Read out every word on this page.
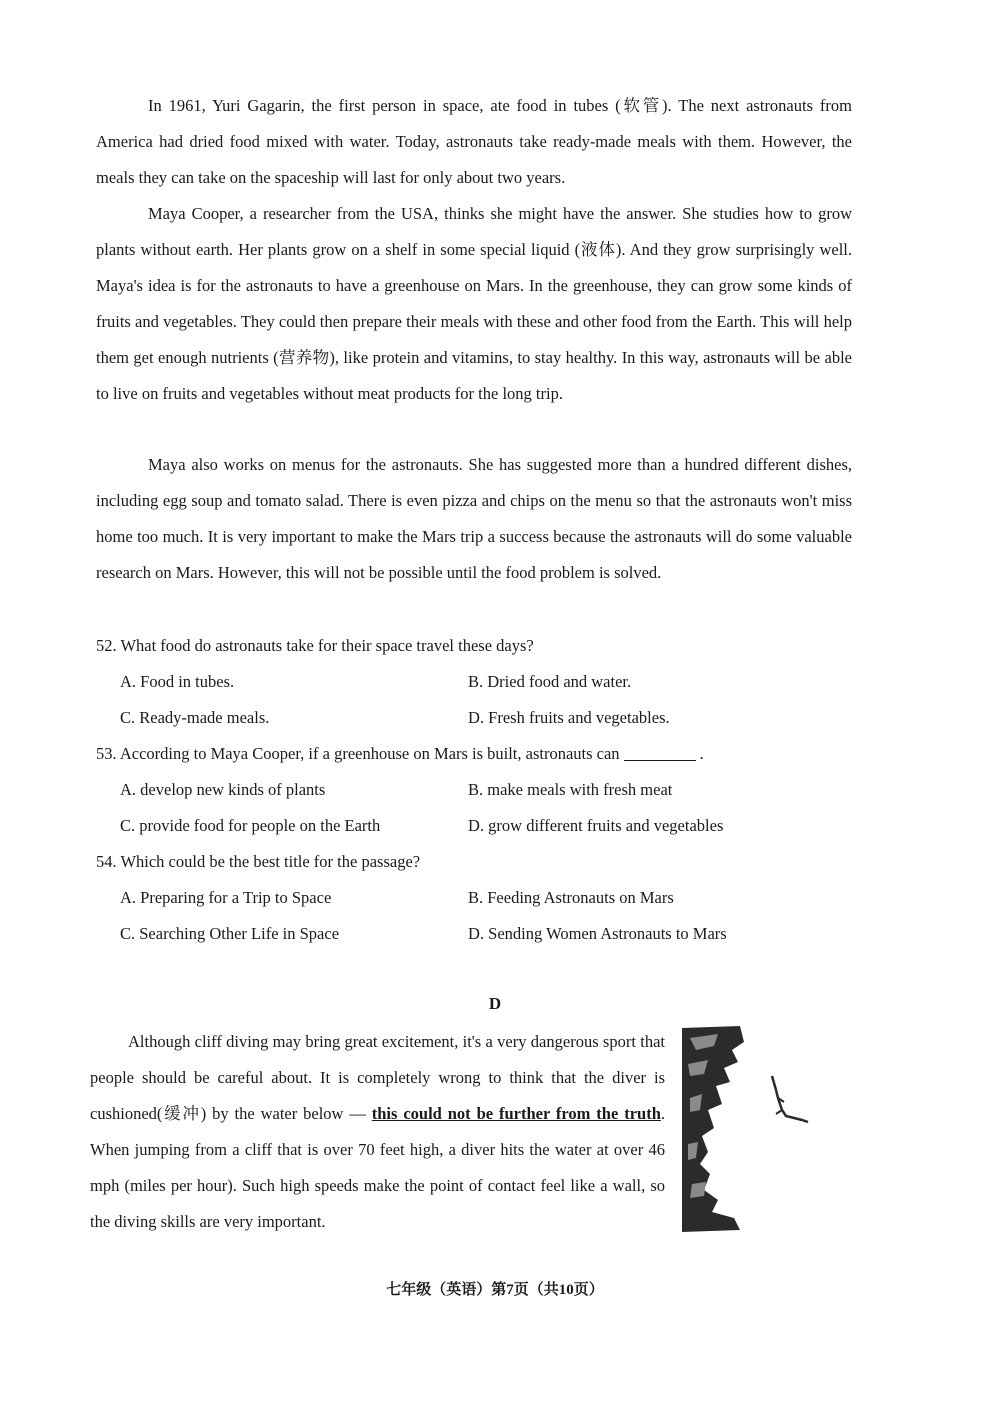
In 1961, Yuri Gagarin, the first person in space, ate food in tubes (软管). The next astronauts from America had dried food mixed with water. Today, astronauts take ready-made meals with them. However, the meals they can take on the spaceship will last for only about two years.

Maya Cooper, a researcher from the USA, thinks she might have the answer. She studies how to grow plants without earth. Her plants grow on a shelf in some special liquid (液体). And they grow surprisingly well. Maya's idea is for the astronauts to have a greenhouse on Mars. In the greenhouse, they can grow some kinds of fruits and vegetables. They could then prepare their meals with these and other food from the Earth. This will help them get enough nutrients (营养物), like protein and vitamins, to stay healthy. In this way, astronauts will be able to live on fruits and vegetables without meat products for the long trip.

Maya also works on menus for the astronauts. She has suggested more than a hundred different dishes, including egg soup and tomato salad. There is even pizza and chips on the menu so that the astronauts won't miss home too much. It is very important to make the Mars trip a success because the astronauts will do some valuable research on Mars. However, this will not be possible until the food problem is solved.

52. What food do astronauts take for their space travel these days?
A. Food in tubes.	B. Dried food and water.
C. Ready-made meals.	D. Fresh fruits and vegetables.
53. According to Maya Cooper, if a greenhouse on Mars is built, astronauts can	.
A. develop new kinds of plants	B. make meals with fresh meat
C. provide food for people on the Earth	D. grow different fruits and vegetables
54. Which could be the best title for the passage?
A. Preparing for a Trip to Space	B. Feeding Astronauts on Mars
C. Searching Other Life in Space	D. Sending Women Astronauts to Mars
D

Although cliff diving may bring great excitement, it's a very dangerous sport that people should be careful about. It is completely wrong to think that the diver is cushioned(缓冲) by the water below — this could not be further from the truth. When jumping from a cliff that is over 70 feet high, a diver hits the water at over 46 mph (miles per hour). Such high speeds make the point of contact feel like a wall, so the diving skills are very important.

七年级（英语）第7页（共10页）
